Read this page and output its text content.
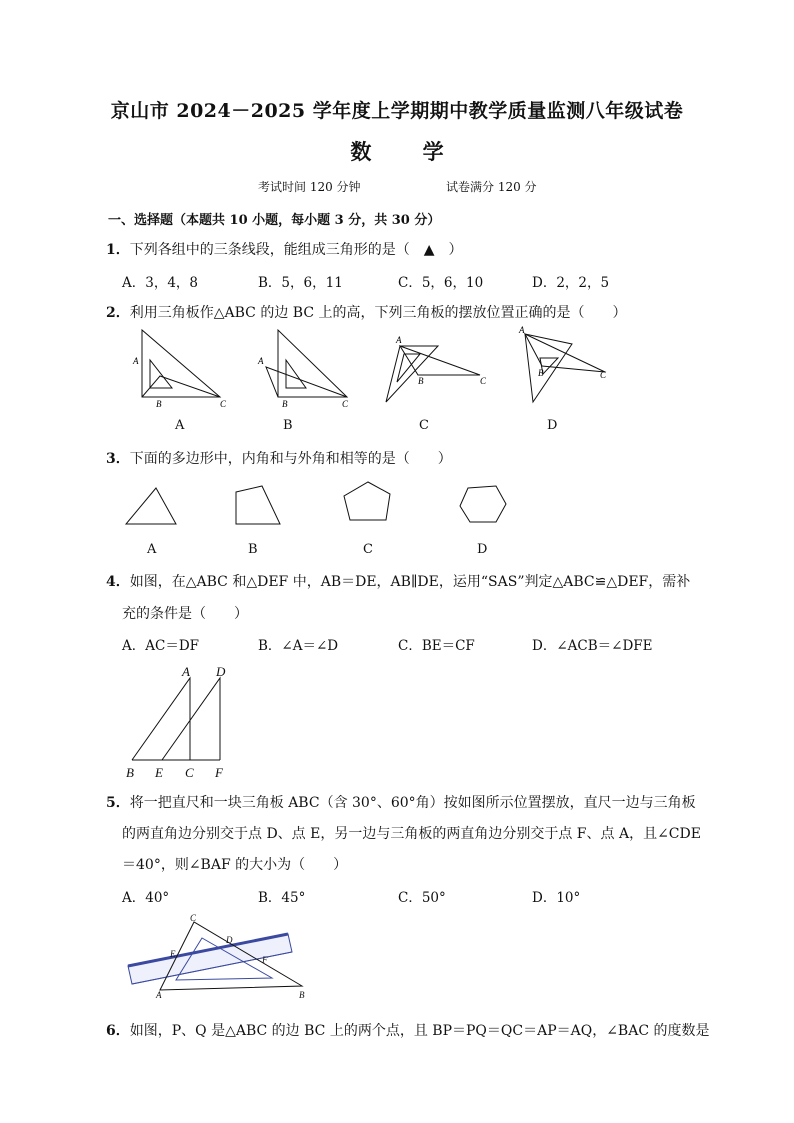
京山市 2024－2025 学年度上学期期中教学质量监测八年级试卷
数 学
考试时间 120 分钟	试卷满分 120 分
一、选择题（本题共 10 小题，每小题 3 分，共 30 分）
1．下列各组中的三条线段，能组成三角形的是（　▲　）
A．3，4，8	B．5，6，11	C．5，6，10	D．2，2，5
2．利用三角板作△ABC 的边 BC 上的高，下列三角板的摆放位置正确的是（　　）
A
B	C
A
B	C
A
B	C
A
B	C
A	B	C	D
3．下面的多边形中，内角和与外角和相等的是（　　）
A	B	C	D
4．如图，在△ABC 和△DEF 中，AB＝DE，AB∥DE，运用“SAS”判定△ABC≌△DEF，需补
充的条件是（　　）
A．AC＝DF	B．∠A＝∠D	C．BE＝CF	D．∠ACB＝∠DFE
A D
B E C F
5．将一把直尺和一块三角板 ABC（含 30°、60°角）按如图所示位置摆放，直尺一边与三角板
的两直角边分别交于点 D、点 E，另一边与三角板的两直角边分别交于点 F、点 A，且∠CDE
＝40°，则∠BAF 的大小为（　　）
A．40°	B．45°	C．50°	D．10°
C
D
E
F
A	B
6．如图，P、Q 是△ABC 的边 BC 上的两个点，且 BP＝PQ＝QC＝AP＝AQ，∠BAC 的度数是
